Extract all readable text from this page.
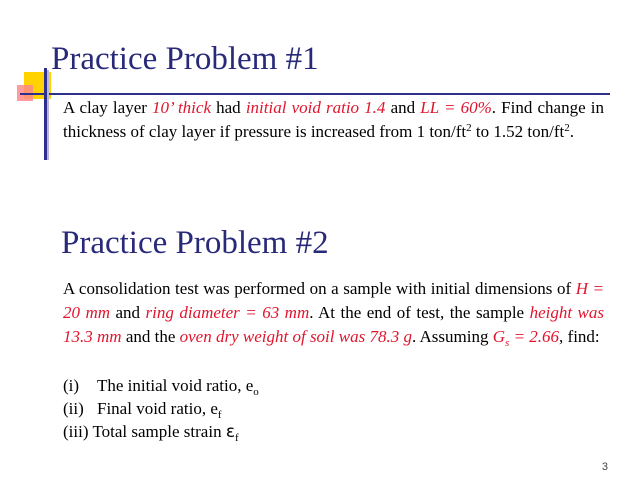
Practice Problem #1
A clay layer 10’ thick had initial void ratio 1.4 and LL = 60%. Find change in thickness of clay layer if pressure is increased from 1 ton/$ft^2$ to 1.52 ton/$ft^2$.
Practice Problem #2
A consolidation test was performed on a sample with initial dimensions of H = 20 mm and ring diameter = 63 mm. At the end of test, the sample height was 13.3 mm and the oven dry weight of soil was 78.3 g. Assuming $G_s = 2.66$, find:
(i) The initial void ratio, $e_o$
(ii) Final void ratio, $e_f$
(iii) Total sample strain $\varepsilon_f$
3
